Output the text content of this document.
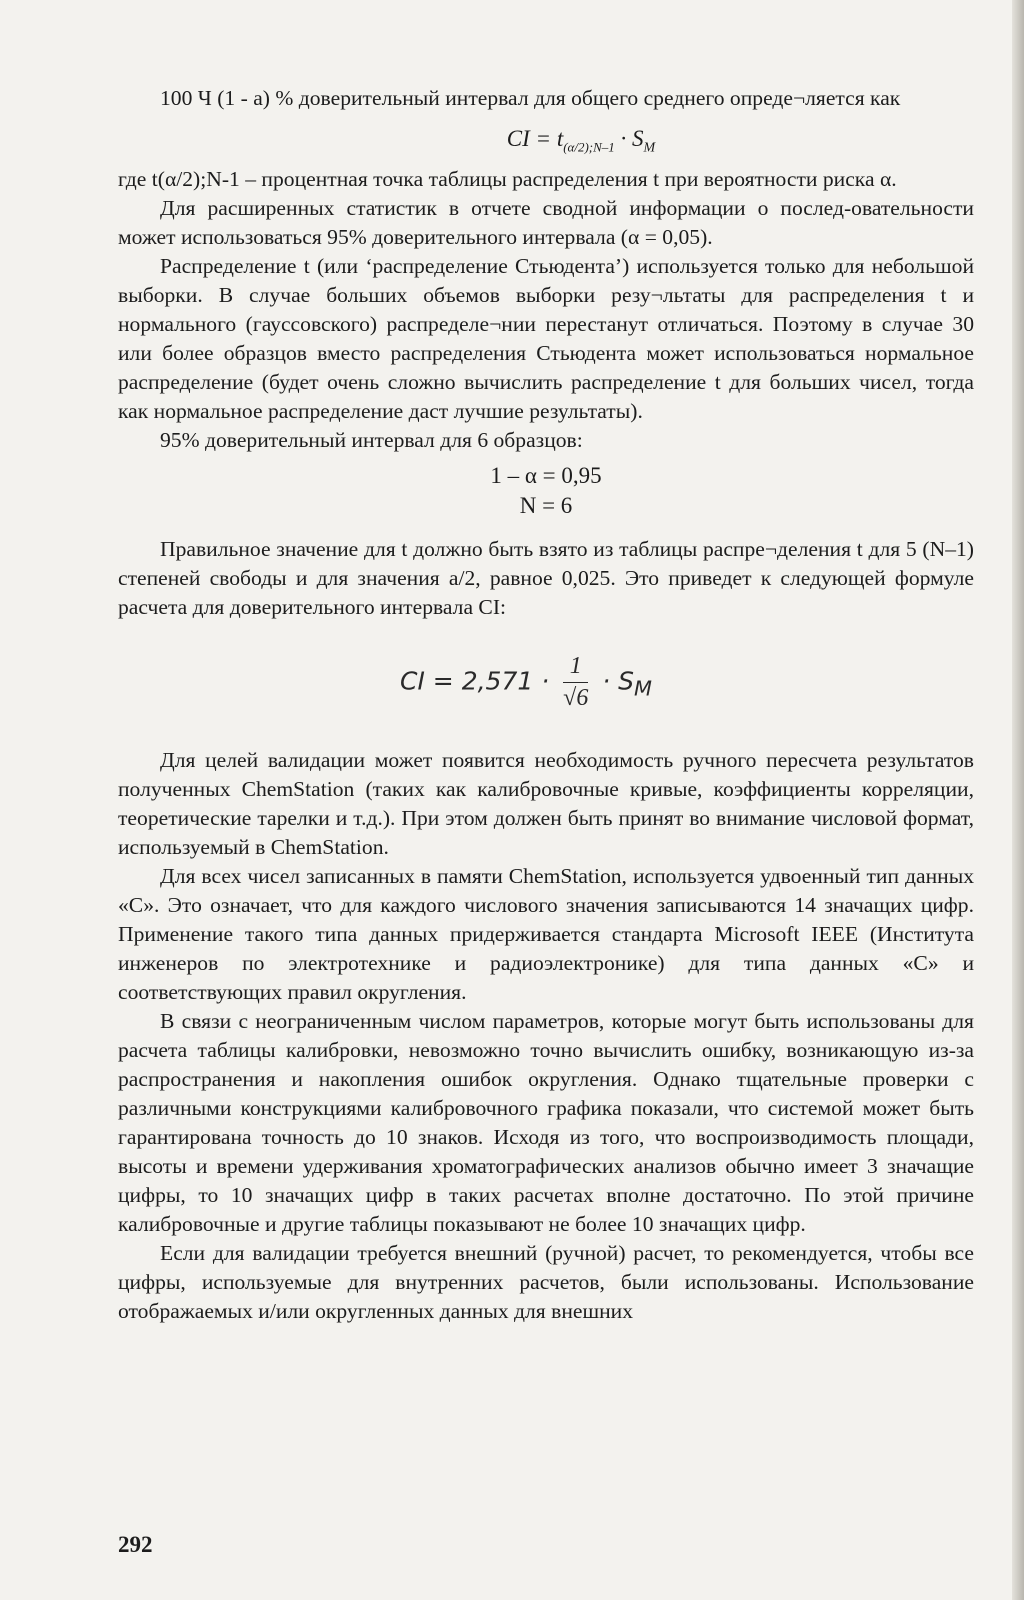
100 Ч (1 - а) % доверительный интервал для общего среднего опреде¬ляется как

CI = $t_{(\alpha/2);N-1} \cdot S_M$

где t(α/2);N-1 – процентная точка таблицы распределения t при вероятности риска α.

Для расширенных статистик в отчете сводной информации о послед-овательности может использоваться 95% доверительного интервала (α = 0,05).

Распределение t (или ‘распределение Стьюдента’) используется только для небольшой выборки. В случае больших объемов выборки резу¬льтаты для распределения t и нормального (гауссовского) распределе¬нии перестанут отличаться. Поэтому в случае 30 или более образцов вместо распределения Стьюдента может использоваться нормальное распределение (будет очень сложно вычислить распределение t для больших чисел, тогда как нормальное распределение даст лучшие результаты).

95% доверительный интервал для 6 образцов:

1 – α = 0,95
N = 6

Правильное значение для t должно быть взято из таблицы распре¬деления t для 5 (N–1) степеней свободы и для значения а/2, равное 0,025. Это приведет к следующей формуле расчета для доверительного интервала CI:

CI = $2,571 \cdot \frac{1}{√6} \cdot S_M$

Для целей валидации может появится необходимость ручного пересчета результатов полученных ChemStation (таких как калибровочные кривые, коэффициенты корреляции, теоретические тарелки и т.д.). При этом должен быть принят во внимание числовой формат, используемый в ChemStation.

Для всех чисел записанных в памяти ChemStation, используется удвоенный тип данных «С». Это означает, что для каждого числового значения записываются 14 значащих цифр. Применение такого типа данных придерживается стандарта Microsoft IEEE (Института инженеров по электротехнике и радиоэлектронике) для типа данных «С» и соответствующих правил округления.

В связи с неограниченным числом параметров, которые могут быть использованы для расчета таблицы калибровки, невозможно точно вычислить ошибку, возникающую из-за распространения и накопления ошибок округления. Однако тщательные проверки с различными конструкциями калибровочного графика показали, что системой может быть гарантирована точность до 10 знаков. Исходя из того, что воспроизводимость площади, высоты и времени удерживания хроматографических анализов обычно имеет 3 значащие цифры, то 10 значащих цифр в таких расчетах вполне достаточно. По этой причине калибровочные и другие таблицы показывают не более 10 значащих цифр.

Если для валидации требуется внешний (ручной) расчет, то рекомендуется, чтобы все цифры, используемые для внутренних расчетов, были использованы. Использование отображаемых и/или округленных данных для внешних

292
